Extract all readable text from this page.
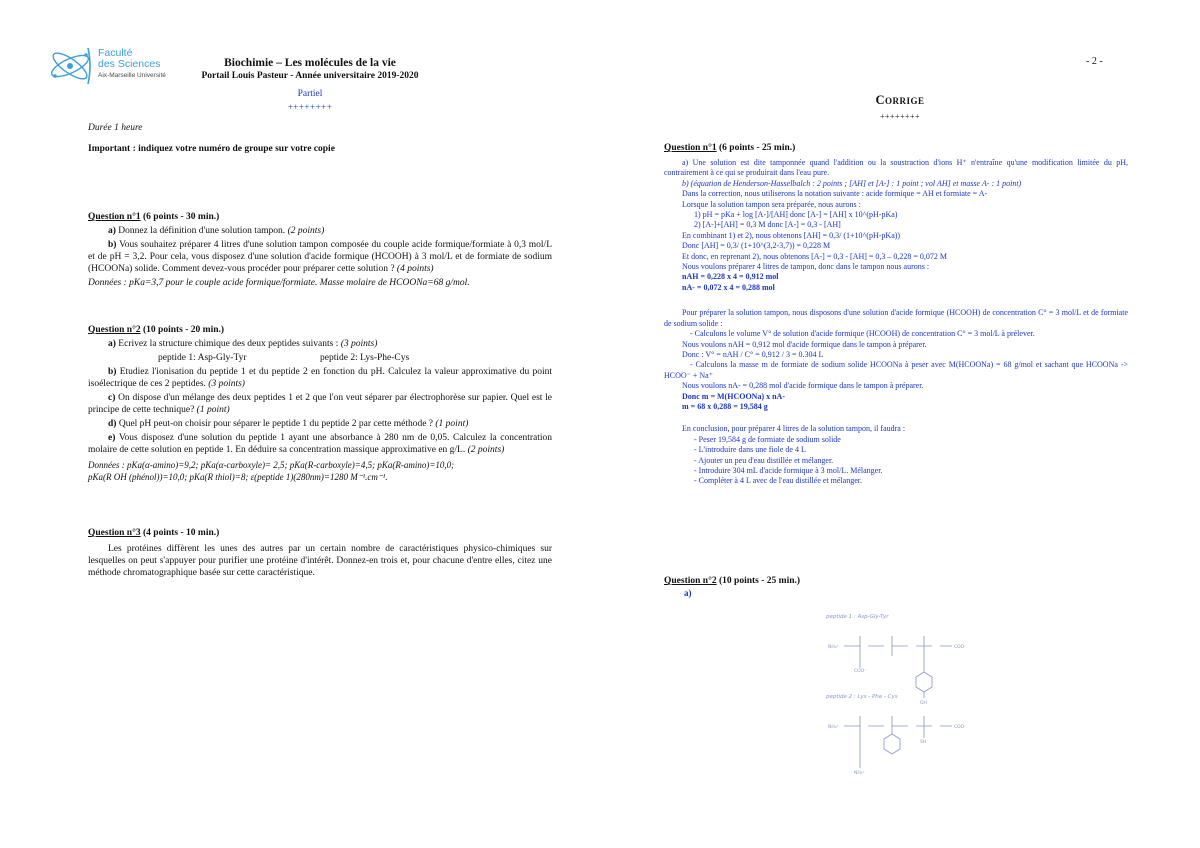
Faculté
des Sciences
Aix-Marseille Université
Biochimie – Les molécules de la vie
Portail Louis Pasteur - Année universitaire 2019-2020
Partiel
++++++++
Durée 1 heure
Important : indiquez votre numéro de groupe sur votre copie
Question n°1 (6 points - 30 min.)
a) Donnez la définition d'une solution tampon. (2 points)
b) Vous souhaitez préparer 4 litres d'une solution tampon composée du couple acide formique/formiate à 0,3 mol/L et de pH = 3,2. Pour cela, vous disposez d'une solution d'acide formique (HCOOH) à 3 mol/L et de formiate de sodium (HCOONa) solide. Comment devez-vous procéder pour préparer cette solution ? (4 points)
Données : pKa=3,7 pour le couple acide formique/formiate. Masse molaire de HCOONa=68 g/mol.
Question n°2 (10 points - 20 min.)
a) Ecrivez la structure chimique des deux peptides suivants : (3 points)
peptide 1: Asp-Gly-Tyr	peptide 2: Lys-Phe-Cys
b) Etudiez l'ionisation du peptide 1 et du peptide 2 en fonction du pH. Calculez la valeur approximative du point isoélectrique de ces 2 peptides. (3 points)
c) On dispose d'un mélange des deux peptides 1 et 2 que l'on veut séparer par électrophorèse sur papier. Quel est le principe de cette technique? (1 point)
d) Quel pH peut-on choisir pour séparer le peptide 1 du peptide 2 par cette méthode ? (1 point)
e) Vous disposez d'une solution du peptide 1 ayant une absorbance à 280 nm de 0,05. Calculez la concentration molaire de cette solution en peptide 1. En déduire sa concentration massique approximative en g/L. (2 points)
Données : pKa(α-amino)=9,2; pKa(α-carboxyle)= 2,5; pKa(R-carboxyle)=4,5; pKa(R-amino)=10,0;
pKa(R OH (phénol))=10,0; pKa(R thiol)=8; ε(peptide 1)(280nm)=1280 M⁻¹.cm⁻¹.
Question n°3 (4 points - 10 min.)
Les protéines diffèrent les unes des autres par un certain nombre de caractéristiques physico-chimiques sur lesquelles on peut s'appuyer pour purifier une protéine d'intérêt. Donnez-en trois et, pour chacune d'entre elles, citez une méthode chromatographique basée sur cette caractéristique.
- 2 -
Corrige
++++++++
Question n°1 (6 points - 25 min.)
a) Une solution est dite tamponnée quand l'addition ou la soustraction d'ions H⁺ n'entraîne qu'une modification limitée du pH, contrairement à ce qui se produirait dans l'eau pure.
b) (équation de Henderson-Hasselbalch : 2 points ; [AH] et [A-] : 1 point ; vol AH] et masse A- : 1 point)
Dans la correction, nous utiliserons la notation suivante : acide formique = AH et formiate = A-
Lorsque la solution tampon sera préparée, nous aurons :
1) pH = pKa + log [A-]/[AH] donc [A-] = [AH] x 10^(pH-pKa)
2) [A-]+[AH] = 0,3 M donc [A-] = 0,3 - [AH]
En combinant 1) et 2), nous obtenons [AH] = 0,3/ (1+10^(pH-pKa))
Donc [AH] = 0,3/ (1+10^(3,2-3,7)) = 0,228 M
Et donc, en reprenant 2), nous obtenons [A-] = 0,3 - [AH] = 0,3 – 0,228 = 0,072 M
Nous voulons préparer 4 litres de tampon, donc dans le tampon nous aurons :
nAH = 0,228 x 4 = 0,912 mol
nA- = 0,072 x 4 = 0,288 mol
Pour préparer la solution tampon, nous disposons d'une solution d'acide formique (HCOOH) de concentration C° = 3 mol/L et de formiate de sodium solide :
- Calculons le volume V° de solution d'acide formique (HCOOH) de concentration C° = 3 mol/L à prélever.
Nous voulons nAH = 0,912 mol d'acide formique dans le tampon à préparer.
Donc : V° = nAH / C° = 0,912 / 3 = 0.304 L
- Calculons la masse m de formiate de sodium solide HCOONa à peser avec M(HCOONa) = 68 g/mol et sachant que HCOONa -> HCOO⁻ + Na⁺
Nous voulons nA- = 0,288 mol d'acide formique dans le tampon à préparer.
Donc m = M(HCOONa) x nA-
m = 68 x 0,288 = 19,584 g
En conclusion, pour préparer 4 litres de la solution tampon, il faudra :
- Peser 19,584 g de formiate de sodium solide
- L'introduire dans une fiole de 4 L
- Ajouter un peu d'eau distillée et mélanger.
- Introduire 304 mL d'acide formique à 3 mol/L. Mélanger.
- Compléter à 4 L avec de l'eau distillée et mélanger.
Question n°2 (10 points - 25 min.)
a)
NH₃⁺	COO⁻
NH₃⁺	COO⁻
OH
SH
NH₃⁺
COO⁻
peptide 1 : Asp-Gly-Tyr
peptide 2 : Lys - Phe - Cys
